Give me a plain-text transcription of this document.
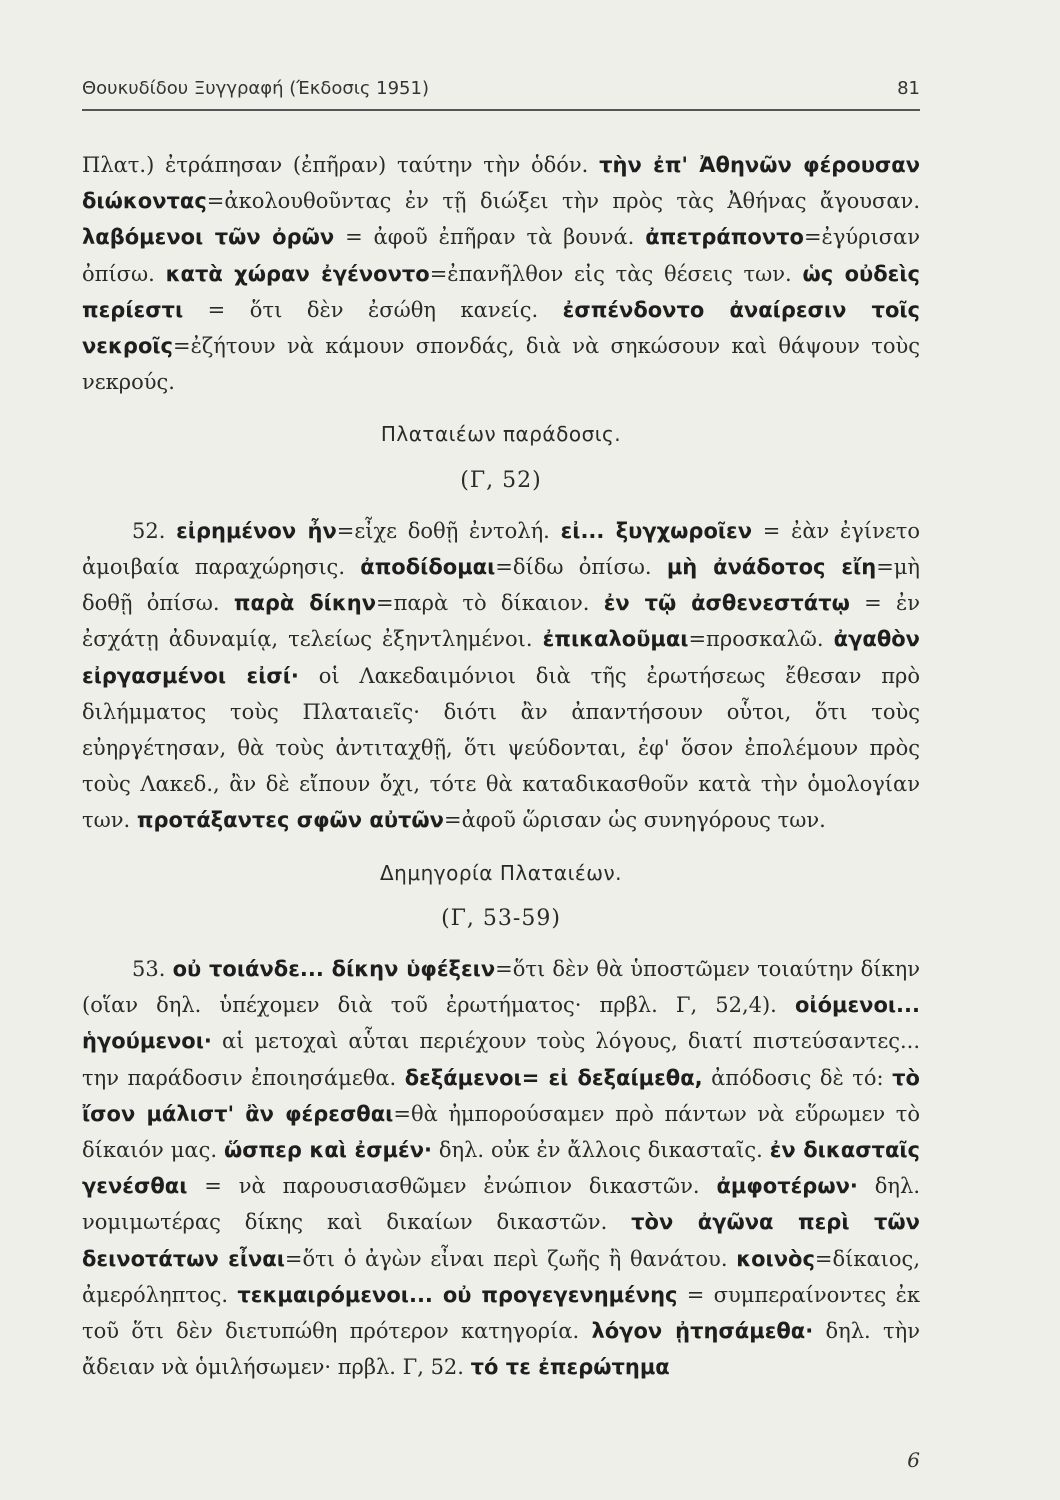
Θουκυδίδου Ξυγγραφή (Έκδοσις 1951)	81

Πλατ.) ἐτράπησαν (ἐπῆραν) ταύτην τὴν ὁδόν. τὴν ἐπ' Ἀθηνῶν φέρουσαν διώκοντας=ἀκολουθοῦντας ἐν τῇ διώξει τὴν πρὸς τὰς Ἀθήνας ἄγουσαν. λαβόμενοι τῶν ὀρῶν = ἀφοῦ ἐπῆραν τὰ βουνά. ἀπετράποντο=ἐγύρισαν ὀπίσω. κατὰ χώραν ἐγένοντο=ἐπανῆλθον εἰς τὰς θέσεις των. ὡς οὐδεὶς περίεστι = ὅτι δὲν ἐσώθη κανείς. ἐσπένδοντο ἀναίρεσιν τοῖς νεκροῖς=ἐζήτουν νὰ κάμουν σπονδάς, διὰ νὰ σηκώσουν καὶ θάψουν τοὺς νεκρούς.

Πλαταιέων παράδοσις.
(Γ, 52)

52. εἰρημένον ἦν=εἶχε δοθῇ ἐντολή. εἰ... ξυγχωροῖεν = ἐὰν ἐγίνετο ἀμοιβαία παραχώρησις. ἀποδίδομαι=δίδω ὀπίσω. μὴ ἀνάδοτος εἴη=μὴ δοθῇ ὀπίσω. παρὰ δίκην=παρὰ τὸ δίκαιον. ἐν τῷ ἀσθενεστάτῳ = ἐν ἐσχάτῃ ἀδυναμίᾳ, τελείως ἐξηντλημένοι. ἐπικαλοῦμαι=προσκαλῶ. ἀγαθὸν εἰργασμένοι εἰσί· οἱ Λακεδαιμόνιοι διὰ τῆς ἐρωτήσεως ἔθεσαν πρὸ διλήμματος τοὺς Πλαταιεῖς· διότι ἂν ἀπαντήσουν οὗτοι, ὅτι τοὺς εὐηργέτησαν, θὰ τοὺς ἀντιταχθῇ, ὅτι ψεύδονται, ἐφ' ὅσον ἐπολέμουν πρὸς τοὺς Λακεδ., ἂν δὲ εἴπουν ὄχι, τότε θὰ καταδικασθοῦν κατὰ τὴν ὁμολογίαν των. προτάξαντες σφῶν αὐτῶν=ἀφοῦ ὥρισαν ὡς συνηγόρους των.

Δημηγορία Πλαταιέων.
(Γ, 53-59)

53. οὐ τοιάνδε... δίκην ὑφέξειν=ὅτι δὲν θὰ ὑποστῶμεν τοιαύτην δίκην (οἵαν δηλ. ὑπέχομεν διὰ τοῦ ἐρωτήματος· πρβλ. Γ, 52,4). οἰόμενοι... ἡγούμενοι· αἱ μετοχαὶ αὗται περιέχουν τοὺς λόγους, διατί πιστεύσαντες... την παράδοσιν ἐποιησάμεθα. δεξάμενοι= εἰ δεξαίμεθα, ἀπόδοσις δὲ τό: τὸ ἴσον μάλιστ' ἂν φέρεσθαι=θὰ ἠμπορούσαμεν πρὸ πάντων νὰ εὕρωμεν τὸ δίκαιόν μας. ὥσπερ καὶ ἐσμέν· δηλ. οὐκ ἐν ἄλλοις δικασταῖς. ἐν δικασταῖς γενέσθαι = νὰ παρουσιασθῶμεν ἐνώπιον δικαστῶν. ἀμφοτέρων· δηλ. νομιμωτέρας δίκης καὶ δικαίων δικαστῶν. τὸν ἀγῶνα περὶ τῶν δεινοτάτων εἶναι=ὅτι ὁ ἀγὼν εἶναι περὶ ζωῆς ἢ θανάτου. κοινὸς=δίκαιος, ἀμερόληπτος. τεκμαιρόμενοι... οὐ προγεγενημένης = συμπεραίνοντες ἐκ τοῦ ὅτι δὲν διετυπώθη πρότερον κατηγορία. λόγον ᾐτησάμεθα· δηλ. τὴν ἄδειαν νὰ ὁμιλήσωμεν· πρβλ. Γ, 52. τό τε ἐπερώτημα

6
